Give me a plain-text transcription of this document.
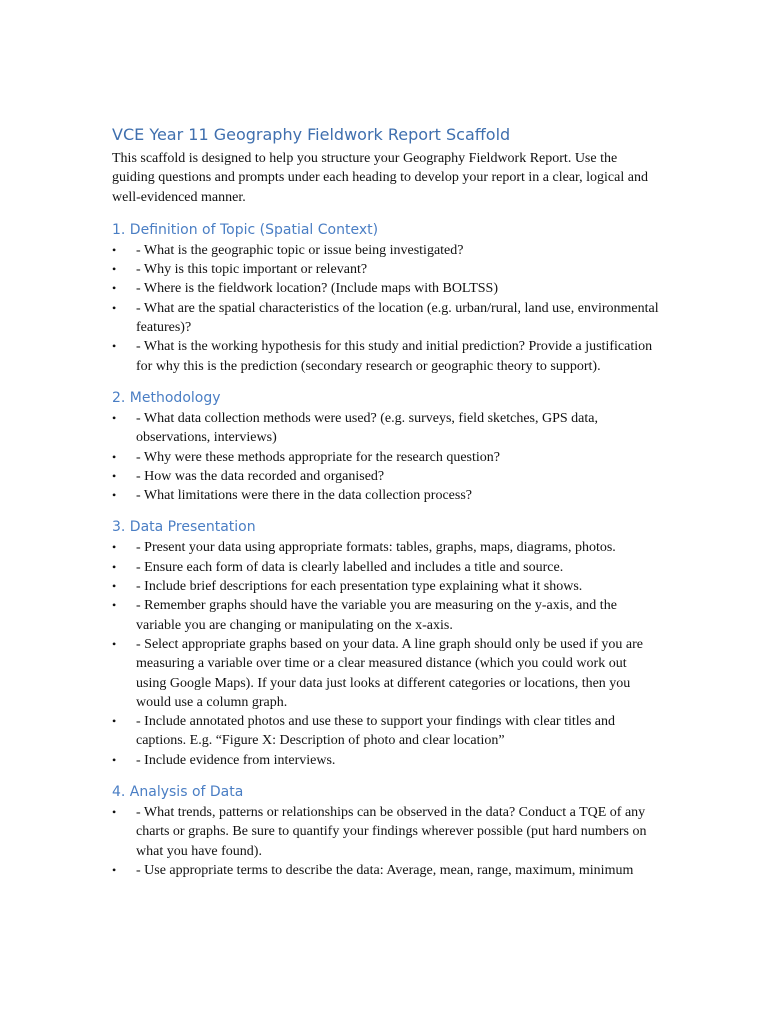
VCE Year 11 Geography Fieldwork Report Scaffold

This scaffold is designed to help you structure your Geography Fieldwork Report. Use the guiding questions and prompts under each heading to develop your report in a clear, logical and well-evidenced manner.

1. Definition of Topic (Spatial Context)
• - What is the geographic topic or issue being investigated?
• - Why is this topic important or relevant?
• - Where is the fieldwork location? (Include maps with BOLTSS)
• - What are the spatial characteristics of the location (e.g. urban/rural, land use, environmental features)?
• - What is the working hypothesis for this study and initial prediction? Provide a justification for why this is the prediction (secondary research or geographic theory to support).
2. Methodology
• - What data collection methods were used? (e.g. surveys, field sketches, GPS data, observations, interviews)
• - Why were these methods appropriate for the research question?
• - How was the data recorded and organised?
• - What limitations were there in the data collection process?
3. Data Presentation
• - Present your data using appropriate formats: tables, graphs, maps, diagrams, photos.
• - Ensure each form of data is clearly labelled and includes a title and source.
• - Include brief descriptions for each presentation type explaining what it shows.
• - Remember graphs should have the variable you are measuring on the y-axis, and the variable you are changing or manipulating on the x-axis.
• - Select appropriate graphs based on your data. A line graph should only be used if you are measuring a variable over time or a clear measured distance (which you could work out using Google Maps). If your data just looks at different categories or locations, then you would use a column graph.
• - Include annotated photos and use these to support your findings with clear titles and captions. E.g. “Figure X: Description of photo and clear location”
• - Include evidence from interviews.
4. Analysis of Data
• - What trends, patterns or relationships can be observed in the data? Conduct a TQE of any charts or graphs. Be sure to quantify your findings wherever possible (put hard numbers on what you have found).
• - Use appropriate terms to describe the data: Average, mean, range, maximum, minimum
